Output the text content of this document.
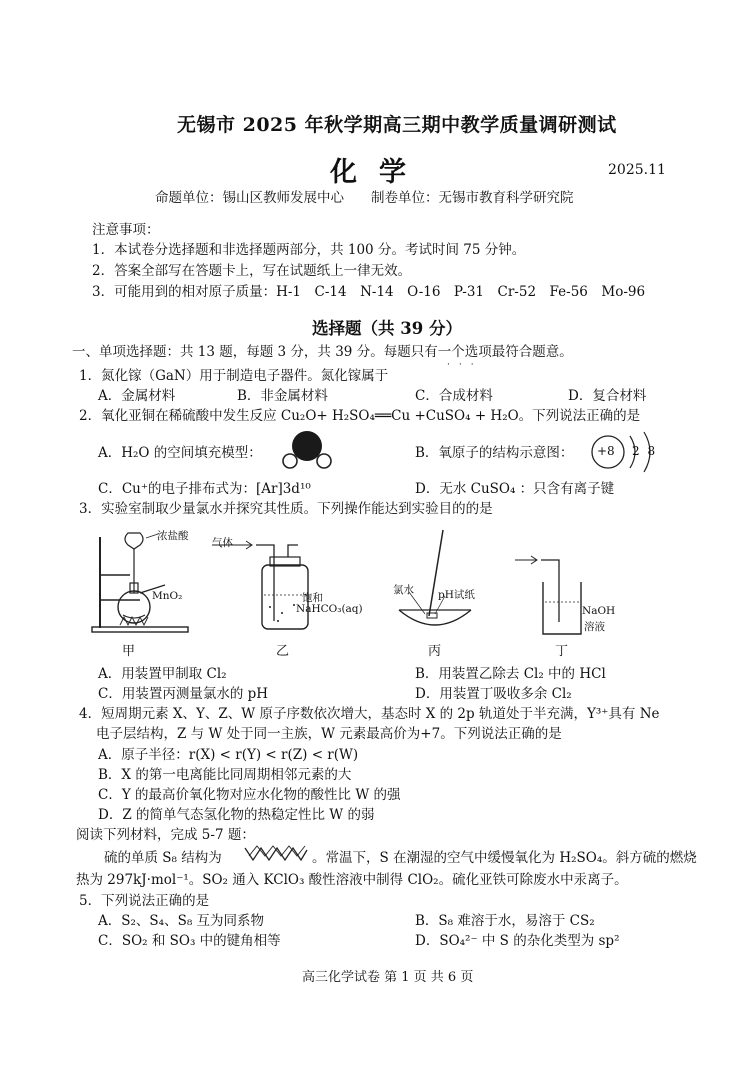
无锡市 2025 年秋学期高三期中教学质量调研测试
化学	2025.11
命题单位：锡山区教师发展中心　　制卷单位：无锡市教育科学研究院
注意事项：
1．本试卷分选择题和非选择题两部分，共 100 分。考试时间 75 分钟。
2．答案全部写在答题卡上，写在试题纸上一律无效。
3．可能用到的相对原子质量：H-1　C-14　N-14　O-16　P-31　Cr-52　Fe-56　Mo-96
选择题（共 39 分）
一、单项选择题：共 13 题，每题 3 分，共 39 分。每题只有一个选项最符合题意。
···
1．氮化镓（GaN）用于制造电子器件。氮化镓属于
A．金属材料	B．非金属材料	C．合成材料	D．复合材料
2．氧化亚铜在稀硫酸中发生反应 Cu₂O+ H₂SO₄══Cu +CuSO₄ + H₂O。下列说法正确的是
A．H₂O 的空间填充模型：	B．氧原子的结构示意图： +8 2 8
C．Cu⁺的电子排布式为：[Ar]3d¹⁰	D．无水 CuSO₄ ：只含有离子键
3．实验室制取少量氯水并探究其性质。下列操作能达到实验目的的是
浓盐酸
MnO₂
甲
气体
饱和
NaHCO₃(aq)
乙
氯水 pH试纸
丙
NaOH
溶液
丁
A．用装置甲制取 Cl₂	B．用装置乙除去 Cl₂ 中的 HCl
C．用装置丙测量氯水的 pH	D．用装置丁吸收多余 Cl₂
4．短周期元素 X、Y、Z、W 原子序数依次增大，基态时 X 的 2p 轨道处于半充满，Y³⁺具有 Ne
电子层结构，Z 与 W 处于同一主族，W 元素最高价为+7。下列说法正确的是
A．原子半径：r(X) < r(Y) < r(Z) < r(W)
B．X 的第一电离能比同周期相邻元素的大
C．Y 的最高价氧化物对应水化物的酸性比 W 的强
D．Z 的简单气态氢化物的热稳定性比 W 的弱
阅读下列材料，完成 5-7 题：
硫的单质 S₈ 结构为	。常温下，S 在潮湿的空气中缓慢氧化为 H₂SO₄。斜方硫的燃烧
热为 297kJ·mol⁻¹。SO₂ 通入 KClO₃ 酸性溶液中制得 ClO₂。硫化亚铁可除废水中汞离子。
5．下列说法正确的是
A．S₂、S₄、S₈ 互为同系物	B．S₈ 难溶于水，易溶于 CS₂
C．SO₂ 和 SO₃ 中的键角相等	D．SO₄²⁻ 中 S 的杂化类型为 sp²
高三化学试卷 第 1 页 共 6 页
